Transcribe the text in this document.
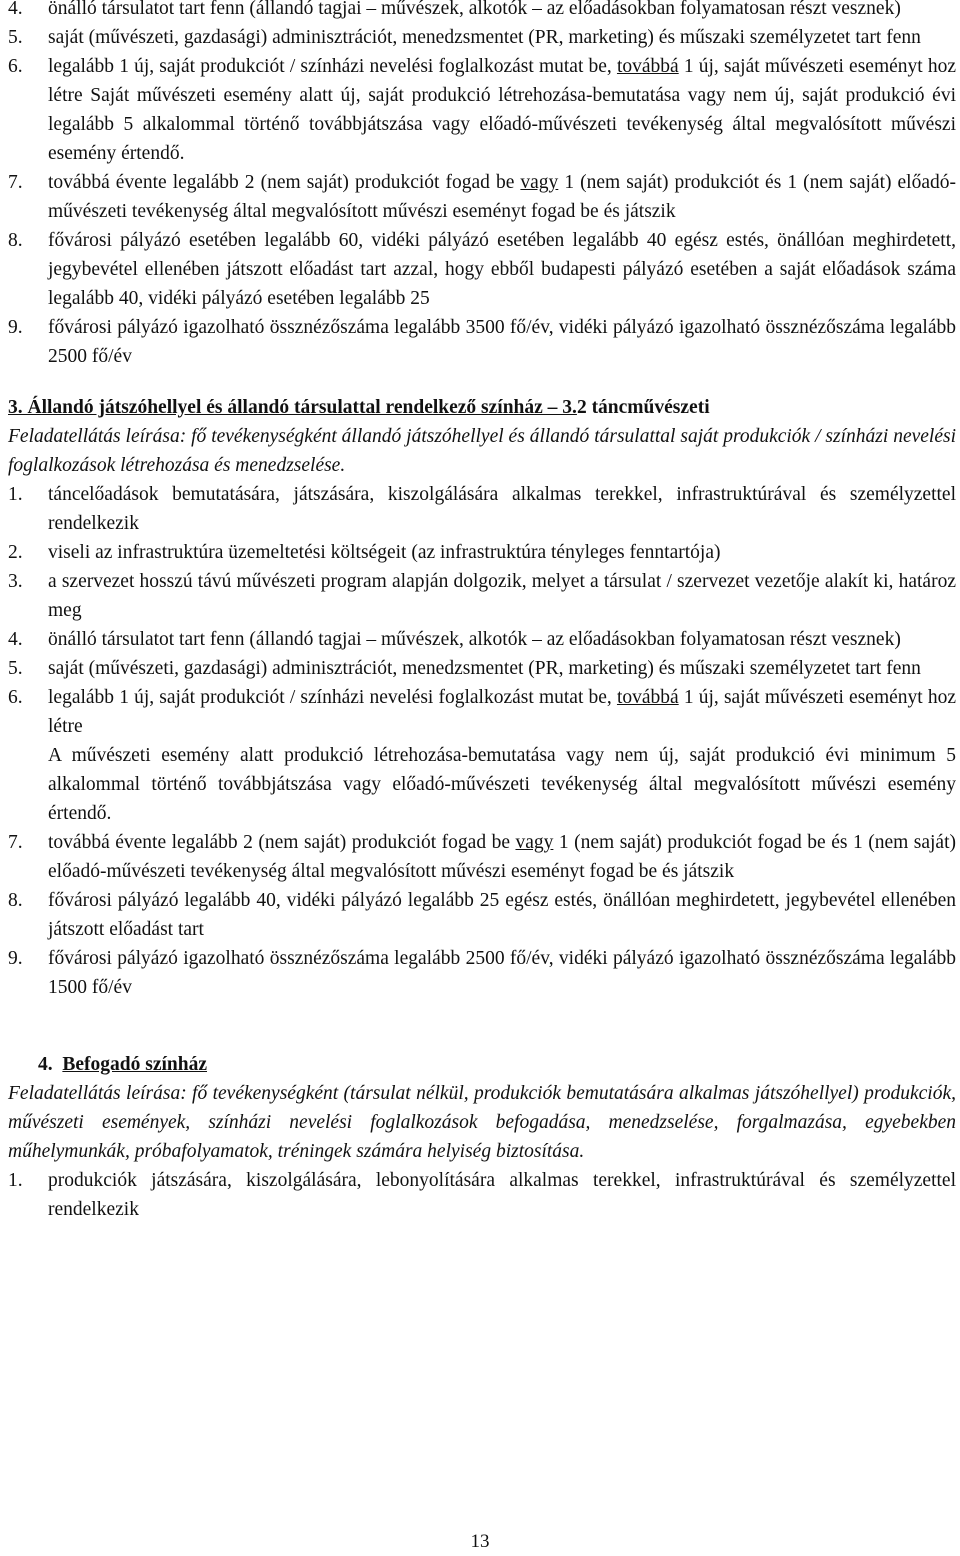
4.	önálló társulatot tart fenn (állandó tagjai – művészek, alkotók – az előadásokban folyamatosan részt vesznek)
5.	saját (művészeti, gazdasági) adminisztrációt, menedzsmentet (PR, marketing) és műszaki személyzetet tart fenn
6.	legalább 1 új, saját produkciót / színházi nevelési foglalkozást mutat be, továbbá 1 új, saját művészeti eseményt hoz létre Saját művészeti esemény alatt új, saját produkció létrehozása-bemutatása vagy nem új, saját produkció évi legalább 5 alkalommal történő továbbjátszása vagy előadó-művészeti tevékenység által megvalósított művészi esemény értendő.
7.	továbbá évente legalább 2 (nem saját) produkciót fogad be vagy 1 (nem saját) produkciót és 1 (nem saját) előadó-művészeti tevékenység által megvalósított művészi eseményt fogad be és játszik
8.	fővárosi pályázó esetében legalább 60, vidéki pályázó esetében legalább 40 egész estés, önállóan meghirdetett, jegybevétel ellenében játszott előadást tart azzal, hogy ebből budapesti pályázó esetében a saját előadások száma legalább 40, vidéki pályázó esetében legalább 25
9.	fővárosi pályázó igazolható össznézőszáma legalább 3500 fő/év, vidéki pályázó igazolható össznézőszáma legalább 2500 fő/év
3. Állandó játszóhellyel és állandó társulattal rendelkező színház – 3.2 táncművészeti
Feladatellátás leírása: fő tevékenységként állandó játszóhellyel és állandó társulattal saját produkciók / színházi nevelési foglalkozások létrehozása és menedzselése.
1.	táncelőadások bemutatására, játszására, kiszolgálására alkalmas terekkel, infrastruktúrával és személyzettel rendelkezik
2.	viseli az infrastruktúra üzemeltetési költségeit (az infrastruktúra tényleges fenntartója)
3.	a szervezet hosszú távú művészeti program alapján dolgozik, melyet a társulat / szervezet vezetője alakít ki, határoz meg
4.	önálló társulatot tart fenn (állandó tagjai – művészek, alkotók – az előadásokban folyamatosan részt vesznek)
5.	saját (művészeti, gazdasági) adminisztrációt, menedzsmentet (PR, marketing) és műszaki személyzetet tart fenn
6.	legalább 1 új, saját produkciót / színházi nevelési foglalkozást mutat be, továbbá 1 új, saját művészeti eseményt hoz létre
A művészeti esemény alatt produkció létrehozása-bemutatása vagy nem új, saját produkció évi minimum 5 alkalommal történő továbbjátszása vagy előadó-művészeti tevékenység által megvalósított művészi esemény értendő.
7.	továbbá évente legalább 2 (nem saját) produkciót fogad be vagy 1 (nem saját) produkciót fogad be és 1 (nem saját) előadó-művészeti tevékenység által megvalósított művészi eseményt fogad be és játszik
8.	fővárosi pályázó legalább 40, vidéki pályázó legalább 25 egész estés, önállóan meghirdetett, jegybevétel ellenében játszott előadást tart
9.	fővárosi pályázó igazolható össznézőszáma legalább 2500 fő/év, vidéki pályázó igazolható össznézőszáma legalább 1500 fő/év
4. Befogadó színház
Feladatellátás leírása: fő tevékenységként (társulat nélkül, produkciók bemutatására alkalmas játszóhellyel) produkciók, művészeti események, színházi nevelési foglalkozások befogadása, menedzselése, forgalmazása, egyebekben műhelymunkák, próbafolyamatok, tréningek számára helyiség biztosítása.
1.	produkciók játszására, kiszolgálására, lebonyolítására alkalmas terekkel, infrastruktúrával és személyzettel rendelkezik
13
